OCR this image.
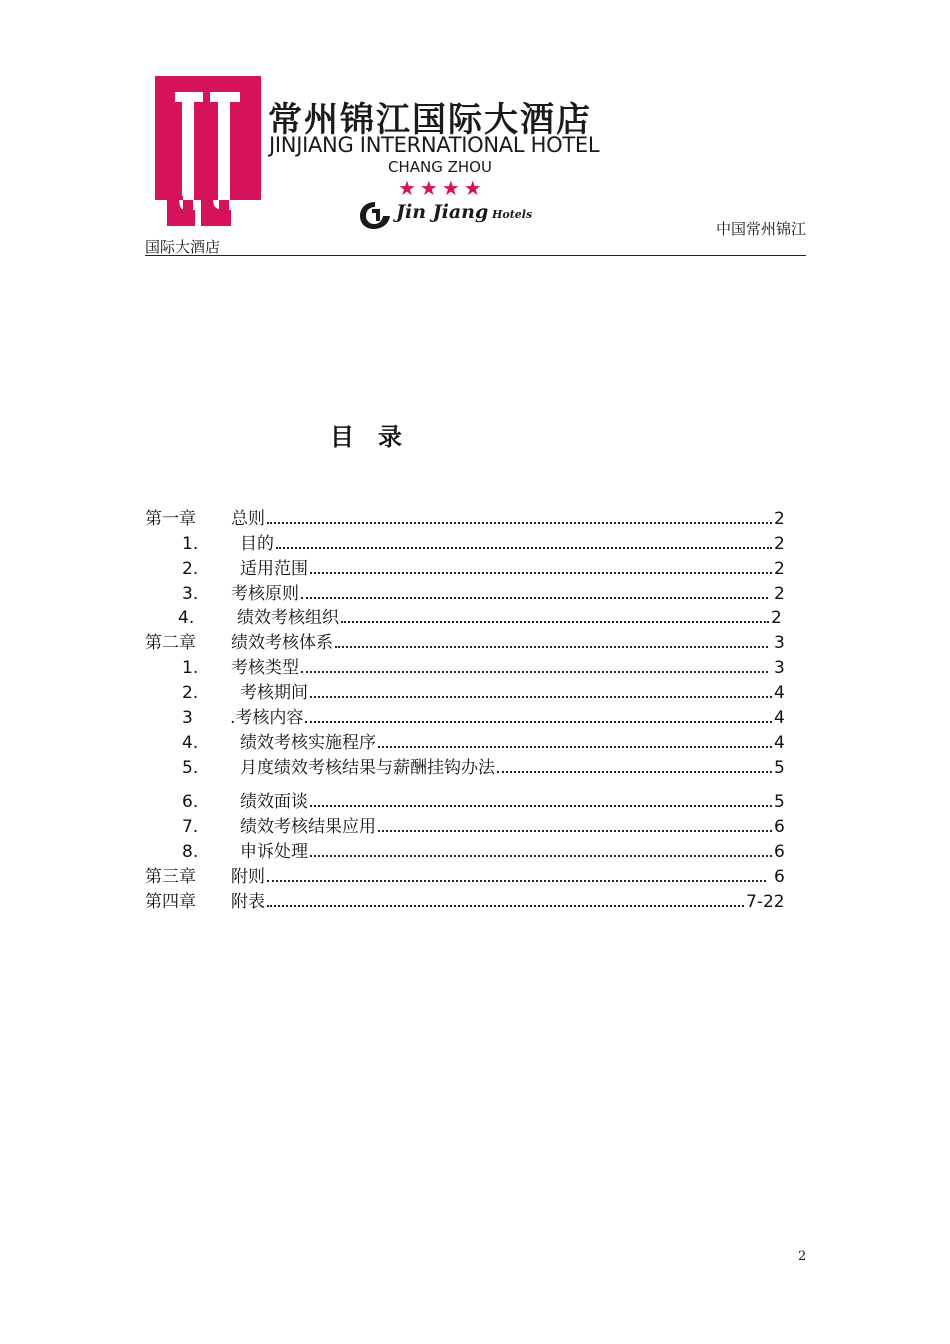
常州锦江国际大酒店
JINJIANG INTERNATIONAL HOTEL
CHANG ZHOU
★★★★
Jin Jiang Hotels
中国常州锦江
国际大酒店
目录
第一章 总则	2
1. 目的	2
2. 适用范围	2
3. 考核原则	2
4.	绩效考核组织	2
第二章 绩效考核体系	3
1. 考核类型	3
2. 考核期间	4
3 .考核内容	4
4. 绩效考核实施程序	4
5. 月度绩效考核结果与薪酬挂钩办法	5
6. 绩效面谈	5
7. 绩效考核结果应用	6
8. 申诉处理	6
第三章 附则	6
第四章 附表	7-22
2
